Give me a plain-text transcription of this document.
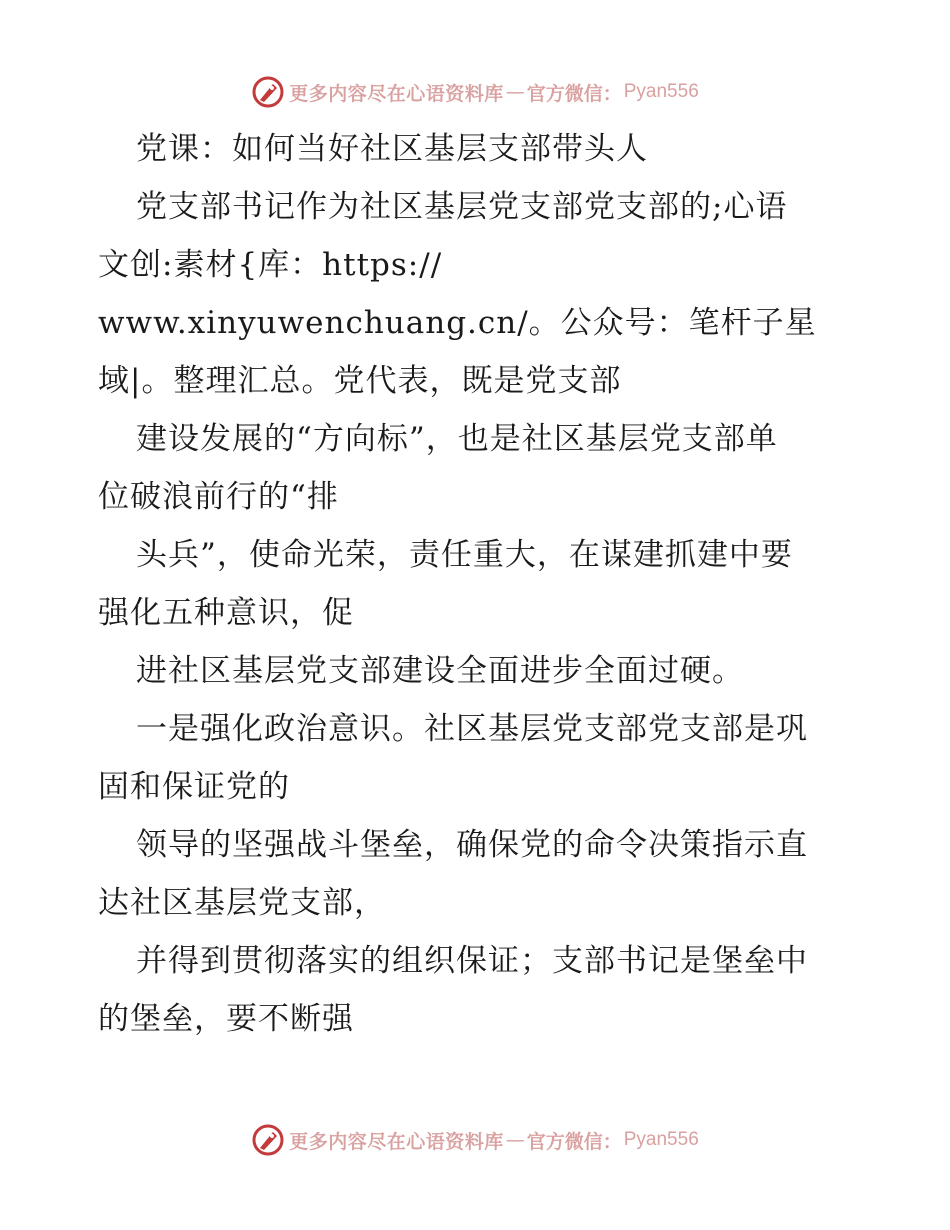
更多内容尽在心语资料库 — 官方微信： Pyan556
党课：如何当好社区基层支部带头人
党支部书记作为社区基层党支部党支部的;心语
文创:素材{库：https://
www.xinyuwenchuang.cn/。公众号：笔杆子星
域|。整理汇总。党代表，既是党支部
建设发展的“方向标”，也是社区基层党支部单
位破浪前行的“排
头兵”，使命光荣，责任重大，在谋建抓建中要
强化五种意识，促
进社区基层党支部建设全面进步全面过硬。
一是强化政治意识。社区基层党支部党支部是巩
固和保证党的
领导的坚强战斗堡垒，确保党的命令决策指示直
达社区基层党支部，
并得到贯彻落实的组织保证；支部书记是堡垒中
的堡垒，要不断强
更多内容尽在心语资料库 — 官方微信： Pyan556
